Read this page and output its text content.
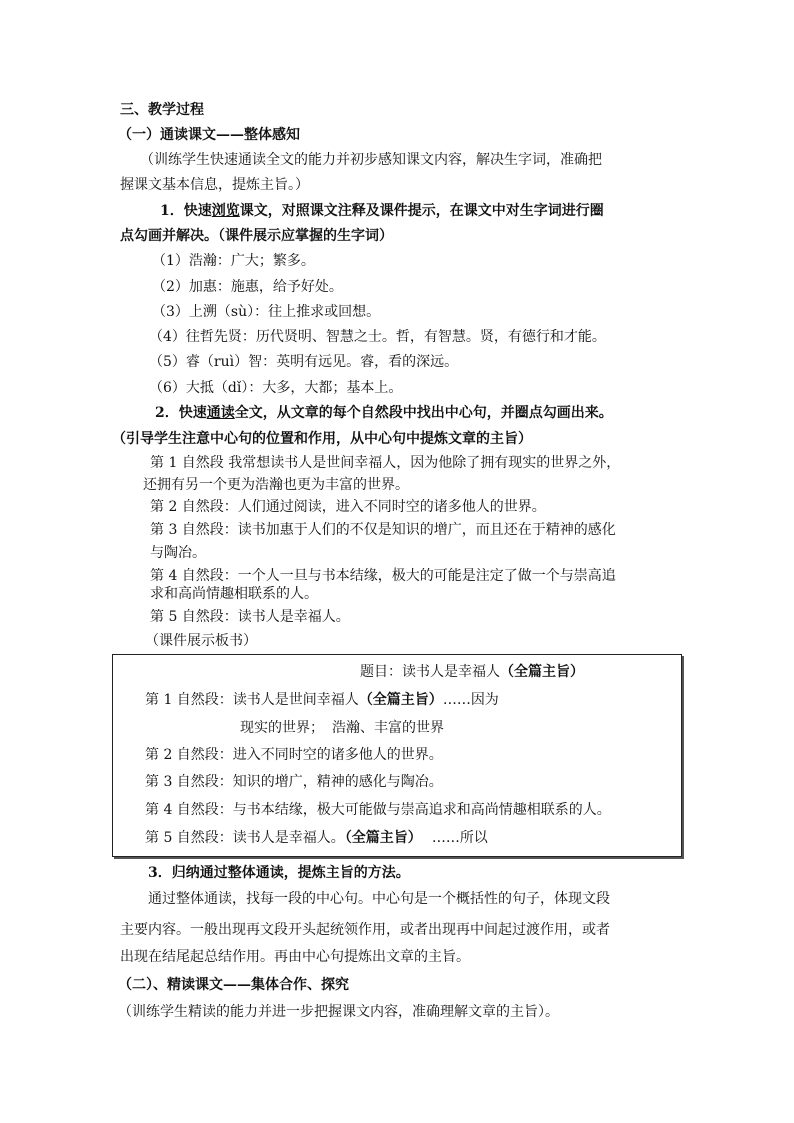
三、教学过程
（一）通读课文——整体感知
（训练学生快速通读全文的能力并初步感知课文内容，解决生字词，准确把
握课文基本信息，提炼主旨。）
1．快速浏览课文，对照课文注释及课件提示，在课文中对生字词进行圈
点勾画并解决。（课件展示应掌握的生字词）
（1）浩瀚：广大；繁多。
（2）加惠：施惠，给予好处。
（3）上溯（sù）：往上推求或回想。
（4）往哲先贤：历代贤明、智慧之士。哲，有智慧。贤，有德行和才能。
（5）睿（ruì）智：英明有远见。睿，看的深远。
（6）大抵（dǐ）：大多，大都；基本上。
2．快速通读全文，从文章的每个自然段中找出中心句，并圈点勾画出来。
（引导学生注意中心句的位置和作用，从中心句中提炼文章的主旨）
第 1 自然段 我常想读书人是世间幸福人，因为他除了拥有现实的世界之外，
还拥有另一个更为浩瀚也更为丰富的世界。
第 2 自然段：人们通过阅读，进入不同时空的诸多他人的世界。
第 3 自然段：读书加惠于人们的不仅是知识的增广，而且还在于精神的感化
与陶冶。
第 4 自然段：一个人一旦与书本结缘，极大的可能是注定了做一个与崇高追
求和高尚情趣相联系的人。
第 5 自然段：读书人是幸福人。
（课件展示板书）
题目：读书人是幸福人（全篇主旨）
第 1 自然段：读书人是世间幸福人（全篇主旨）……因为
现实的世界； 浩瀚、丰富的世界
第 2 自然段：进入不同时空的诸多他人的世界。
第 3 自然段：知识的增广，精神的感化与陶冶。
第 4 自然段：与书本结缘，极大可能做与崇高追求和高尚情趣相联系的人。
第 5 自然段：读书人是幸福人。（全篇主旨） ……所以
3．归纳通过整体通读，提炼主旨的方法。
通过整体通读，找每一段的中心句。中心句是一个概括性的句子，体现文段
主要内容。一般出现再文段开头起统领作用，或者出现再中间起过渡作用，或者
出现在结尾起总结作用。再由中心句提炼出文章的主旨。
（二）、精读课文——集体合作、探究
（训练学生精读的能力并进一步把握课文内容，准确理解文章的主旨）。
